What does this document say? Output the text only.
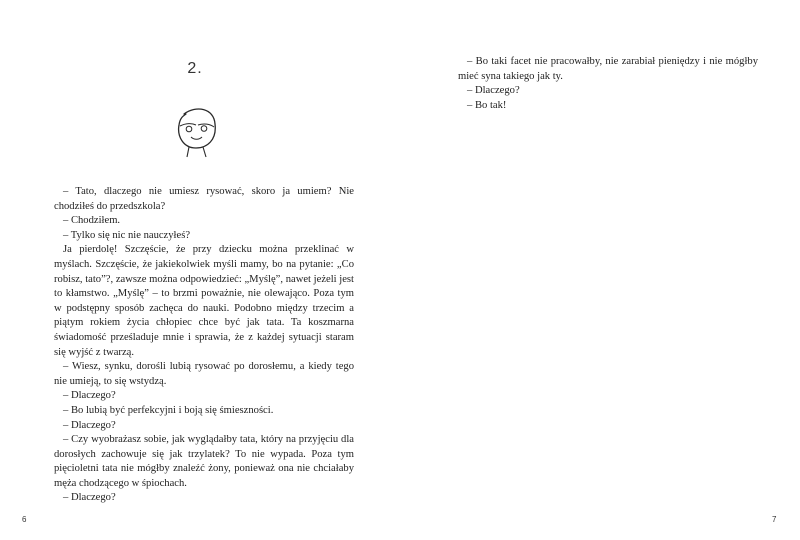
2.

– Tato, dlaczego nie umiesz rysować, skoro ja umiem? Nie chodziłeś do przedszkola?

– Chodziłem.

– Tylko się nic nie nauczyłeś?

Ja pierdolę! Szczęście, że przy dziecku można przeklinać w myślach. Szczęście, że jakiekolwiek myśli mamy, bo na pytanie: „Co robisz, tato”?, zawsze można odpowiedzieć: „Myślę”, nawet jeżeli jest to kłamstwo. „Myślę” – to brzmi poważnie, nie olewająco. Poza tym w podstępny sposób zachęca do nauki. Podobno między trzecim a piątym rokiem życia chłopiec chce być jak tata. Ta koszmarna świadomość prześladuje mnie i sprawia, że z każdej sytuacji staram się wyjść z twarzą.

– Wiesz, synku, dorośli lubią rysować po dorosłemu, a kiedy tego nie umieją, to się wstydzą.

– Dlaczego?

– Bo lubią być perfekcyjni i boją się śmieszności.

– Dlaczego?

– Czy wyobrażasz sobie, jak wyglądałby tata, który na przyjęciu dla dorosłych zachowuje się jak trzylatek? To nie wypada. Poza tym pięcioletni tata nie mógłby znaleźć żony, ponieważ ona nie chciałaby męża chodzącego w śpiochach.

– Dlaczego?

6

– Bo taki facet nie pracowałby, nie zarabiał pieniędzy i nie mógłby mieć syna takiego jak ty.

– Dlaczego?

– Bo tak!

7
